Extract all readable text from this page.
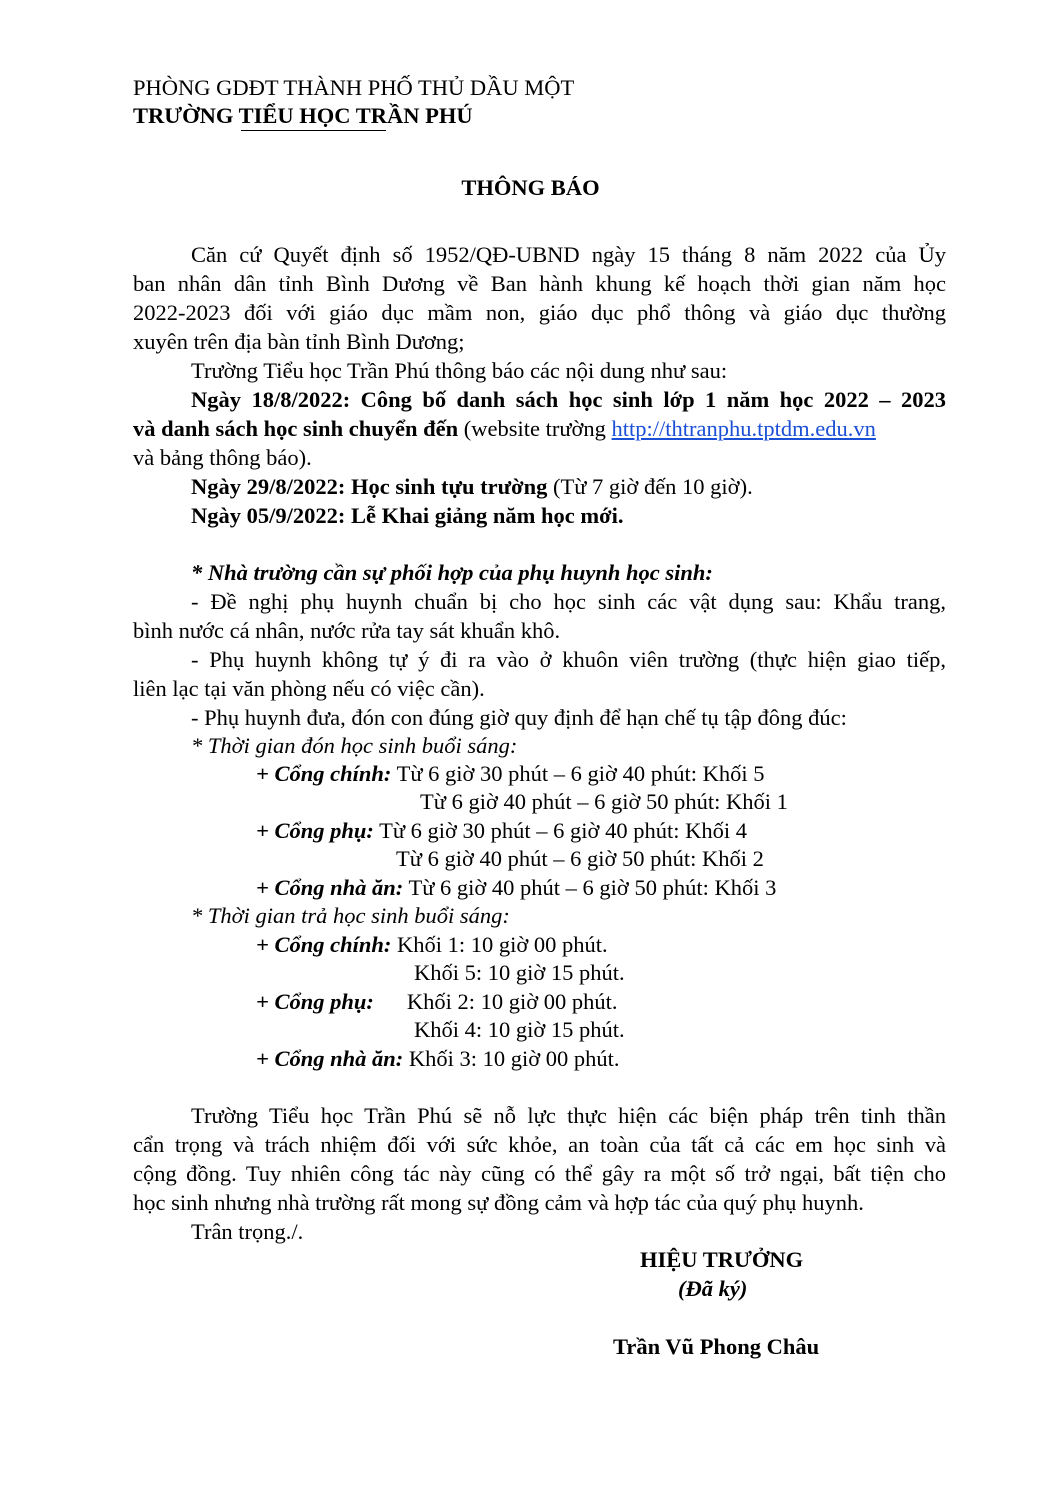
PHÒNG GDĐT THÀNH PHỐ THỦ DẦU MỘT
TRƯỜNG TIỂU HỌC TRẦN PHÚ
THÔNG BÁO
Căn cứ Quyết định số 1952/QĐ-UBND ngày 15 tháng 8 năm 2022 của Ủy
ban nhân dân tỉnh Bình Dương về Ban hành khung kế hoạch thời gian năm học
2022-2023 đối với giáo dục mầm non, giáo dục phổ thông và giáo dục thường
xuyên trên địa bàn tỉnh Bình Dương;
Trường Tiểu học Trần Phú thông báo các nội dung như sau:
Ngày 18/8/2022: Công bố danh sách học sinh lớp 1 năm học 2022 – 2023
và danh sách học sinh chuyển đến (website trường http://thtranphu.tptdm.edu.vn
và bảng thông báo).
Ngày 29/8/2022: Học sinh tựu trường (Từ 7 giờ đến 10 giờ).
Ngày 05/9/2022: Lễ Khai giảng năm học mới.
* Nhà trường cần sự phối hợp của phụ huynh học sinh:
- Đề nghị phụ huynh chuẩn bị cho học sinh các vật dụng sau: Khẩu trang,
bình nước cá nhân, nước rửa tay sát khuẩn khô.
- Phụ huynh không tự ý đi ra vào ở khuôn viên trường (thực hiện giao tiếp,
liên lạc tại văn phòng nếu có việc cần).
- Phụ huynh đưa, đón con đúng giờ quy định để hạn chế tụ tập đông đúc:
* Thời gian đón học sinh buổi sáng:
+ Cổng chính: Từ 6 giờ 30 phút – 6 giờ 40 phút: Khối 5
Từ 6 giờ 40 phút – 6 giờ 50 phút: Khối 1
+ Cổng phụ: Từ 6 giờ 30 phút – 6 giờ 40 phút: Khối 4
Từ 6 giờ 40 phút – 6 giờ 50 phút: Khối 2
+ Cổng nhà ăn: Từ 6 giờ 40 phút – 6 giờ 50 phút: Khối 3
* Thời gian trả học sinh buổi sáng:
+ Cổng chính: Khối 1: 10 giờ 00 phút.
Khối 5: 10 giờ 15 phút.
+ Cổng phụ: Khối 2: 10 giờ 00 phút.
Khối 4: 10 giờ 15 phút.
+ Cổng nhà ăn: Khối 3: 10 giờ 00 phút.
Trường Tiểu học Trần Phú sẽ nỗ lực thực hiện các biện pháp trên tinh thần
cẩn trọng và trách nhiệm đối với sức khỏe, an toàn của tất cả các em học sinh và
cộng đồng. Tuy nhiên công tác này cũng có thể gây ra một số trở ngại, bất tiện cho
học sinh nhưng nhà trường rất mong sự đồng cảm và hợp tác của quý phụ huynh.
Trân trọng./.
HIỆU TRƯỞNG
(Đã ký)
Trần Vũ Phong Châu
